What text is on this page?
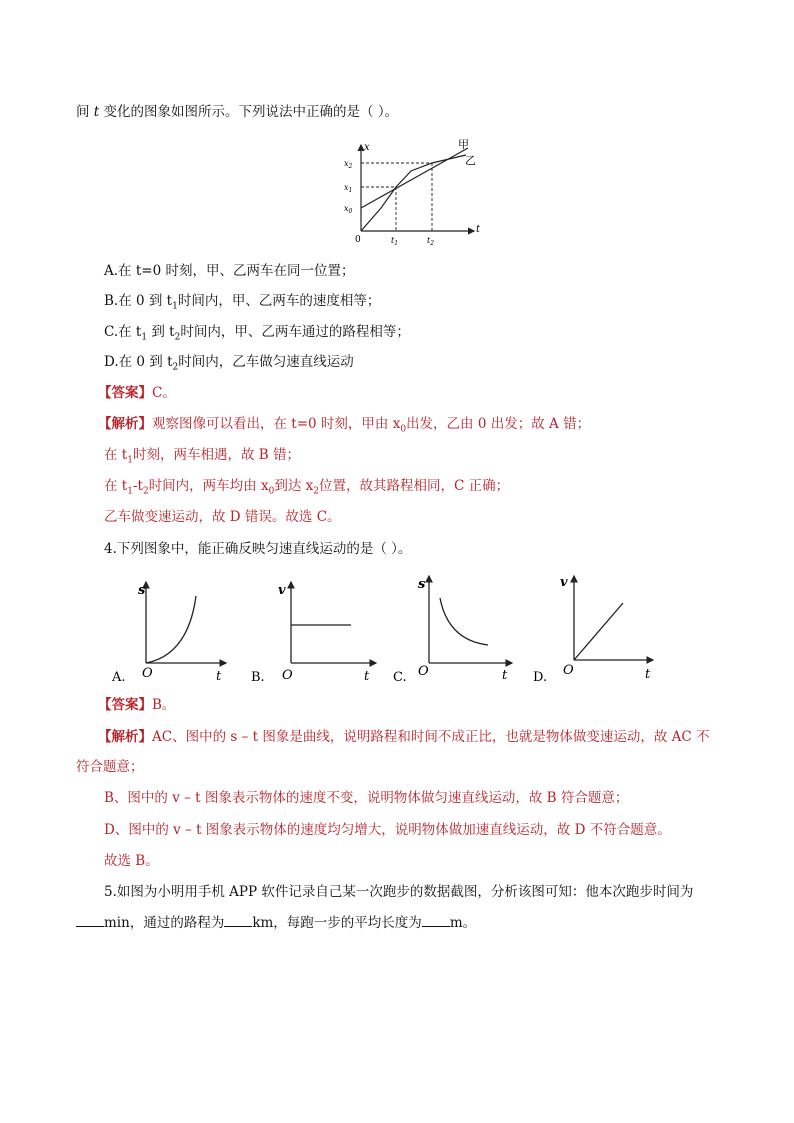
间 t 变化的图象如图所示。下列说法中正确的是（ ）。
x
t
0
$x_2$
$x_1$
$x_0$
$t_1$	$t_2$
甲
乙
A.在 t=0 时刻，甲、乙两车在同一位置；
B.在 0 到 $t_1$时间内，甲、乙两车的速度相等；
C.在 $t_1$ 到 $t_2$时间内，甲、乙两车通过的路程相等；
D.在 0 到 $t_2$时间内，乙车做匀速直线运动
【答案】C。
【解析】观察图像可以看出，在 t=0 时刻，甲由 $x_0$出发，乙由 0 出发；故 A 错；
在 $t_1$时刻，两车相遇，故 B 错；
在 $t_1-t_2$时间内，两车均由 $x_0$到达 $x_2$位置，故其路程相同，C 正确；
乙车做变速运动，故 D 错误。故选 C。
4.下列图象中，能正确反映匀速直线运动的是（ ）。
s
O	t
A.
v
O	t
B.
s
O	t
C.
v
O	t
D.
【答案】B。
【解析】AC、图中的 s – t 图象是曲线，说明路程和时间不成正比，也就是物体做变速运动，故 AC 不
符合题意；
B、图中的 v – t 图象表示物体的速度不变，说明物体做匀速直线运动，故 B 符合题意；
D、图中的 v – t 图象表示物体的速度均匀增大，说明物体做加速直线运动，故 D 不符合题意。
故选 B。
5.如图为小明用手机 APP 软件记录自己某一次跑步的数据截图，分析该图可知：他本次跑步时间为
min，通过的路程为 km，每跑一步的平均长度为 m。
